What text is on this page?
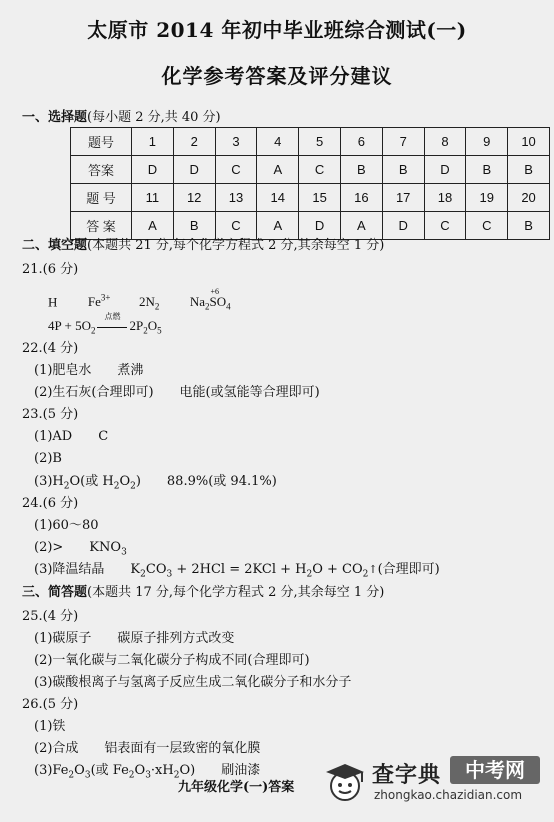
太原市 2014 年初中毕业班综合测试(一)
化学参考答案及评分建议
一、选择题(每小题 2 分,共 40 分)
题号	1	2	3	4	5	6	7	8	9	10
答案	D	D	C	A	C	B	B	D	B	B
题 号	11	12	13	14	15	16	17	18	19	20
答 案	A	B	C	A	D	A	D	C	C	B
二、填空题(本题共 21 分,每个化学方程式 2 分,其余每空 1 分)
21.(6 分)
H $Fe^{3+}$ $2N_2$ $Na_2$
+6
$SO_4$
$4P + 5O_2$
点燃
$2P_2O_5$
22.(4 分)
(1)肥皂水　　煮沸
(2)生石灰(合理即可)　　电能(或氢能等合理即可)
23.(5 分)
(1)AD　　C
(2)B
$(3)H_2O$(或 $H_2O_2$)　　88.9%(或 94.1%)
24.(6 分)
(1)60～80
(2)>　　$KNO_3$
(3)降温结晶　　$K_2CO_3 + 2HCl = 2KCl + H_2O$ + $CO_2↑$(合理即可)
三、简答题(本题共 17 分,每个化学方程式 2 分,其余每空 1 分)
25.(4 分)
(1)碳原子　　碳原子排列方式改变
(2)一氧化碳与二氧化碳分子构成不同(合理即可)
(3)碳酸根离子与氢离子反应生成二氧化碳分子和水分子
26.(5 分)
(1)铁
(2)合成　　铝表面有一层致密的氧化膜
$(3)Fe_2O_3$(或 $Fe_2O_3\cdot xH_2O$)　　刷油漆
九年级化学(一)答案	查字典	中考网
zhongkao.chazidian.com
